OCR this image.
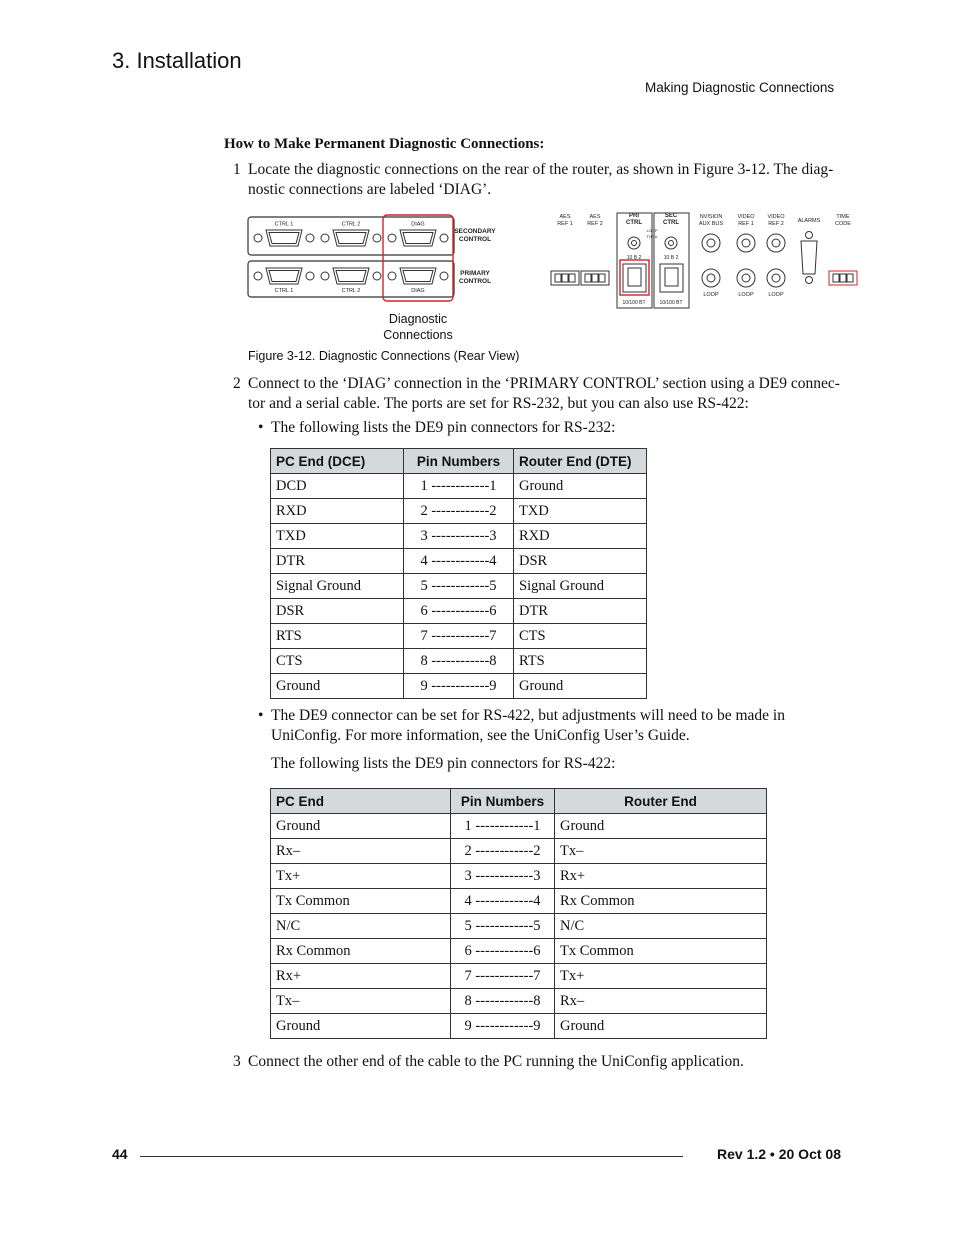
3. Installation
Making Diagnostic Connections
How to Make Permanent Diagnostic Connections:
1 Locate the diagnostic connections on the rear of the router, as shown in Figure 3-12. The diag-
nostic connections are labeled ‘DIAG’.
CTRL 1	CTRL 2	DIAG
CTRL 1	CTRL 2	DIAG
SECONDARY
CONTROL
PRIMARY
CONTROL
AES
REF 1
AES
REF 2
PRI
CTRL
SEC
CTRL
LOOP
THRU
10 B 2	10 B 2
10/100 BT	10/100 BT
NVISION
AUX BUS
VIDEO
REF 1
VIDEO
REF 2	ALARMS
TIME
CODE
LOOP	LOOP	LOOP
Diagnostic
Connections
Figure 3-12. Diagnostic Connections (Rear View)
2 Connect to the ‘DIAG’ connection in the ‘PRIMARY CONTROL’ section using a DE9 connec-
tor and a serial cable. The ports are set for RS-232, but you can also use RS-422:
• The following lists the DE9 pin connectors for RS-232:
PC End (DCE)	Pin Numbers	Router End (DTE)
DCD	1 ------------1	Ground
RXD	2 ------------2	TXD
TXD	3 ------------3	RXD
DTR	4 ------------4	DSR
Signal Ground	5 ------------5	Signal Ground
DSR	6 ------------6	DTR
RTS	7 ------------7	CTS
CTS	8 ------------8	RTS
Ground	9 ------------9	Ground
• The DE9 connector can be set for RS-422, but adjustments will need to be made in
UniConfig. For more information, see the UniConfig User’s Guide.
The following lists the DE9 pin connectors for RS-422:
PC End	Pin Numbers	Router End
Ground	1 ------------1	Ground
Rx–	2 ------------2	Tx–
Tx+	3 ------------3	Rx+
Tx Common	4 ------------4	Rx Common
N/C	5 ------------5	N/C
Rx Common	6 ------------6	Tx Common
Rx+	7 ------------7	Tx+
Tx–	8 ------------8	Rx–
Ground	9 ------------9	Ground
3 Connect the other end of the cable to the PC running the UniConfig application.
44	Rev 1.2 • 20 Oct 08
